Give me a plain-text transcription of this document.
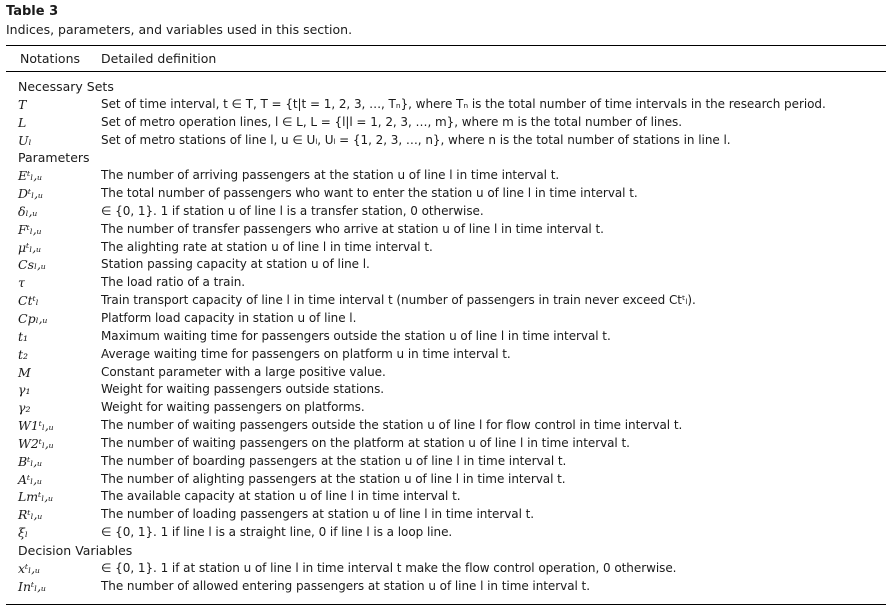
Table 3
Indices, parameters, and variables used in this section.
Notations Detailed definition
Necessary Sets
T	Set of time interval, t ∈ T, T = {t|t = 1, 2, 3, …, Tₙ}, where Tₙ is the total number of time intervals in the research period.
L	Set of metro operation lines, l ∈ L, L = {l|l = 1, 2, 3, …, m}, where m is the total number of lines.
Uₗ	Set of metro stations of line l, u ∈ Uₗ, Uₗ = {1, 2, 3, …, n}, where n is the total number of stations in line l.
Parameters
Eᵗₗ,ᵤ	The number of arriving passengers at the station u of line l in time interval t.
Dᵗₗ,ᵤ	The total number of passengers who want to enter the station u of line l in time interval t.
δₗ,ᵤ	∈ {0, 1}. 1 if station u of line l is a transfer station, 0 otherwise.
Fᵗₗ,ᵤ	The number of transfer passengers who arrive at station u of line l in time interval t.
μᵗₗ,ᵤ	The alighting rate at station u of line l in time interval t.
Csₗ,ᵤ	Station passing capacity at station u of line l.
τ	The load ratio of a train.
Ctᵗₗ	Train transport capacity of line l in time interval t (number of passengers in train never exceed Ctᵗₗ).
Cpₗ,ᵤ	Platform load capacity in station u of line l.
t₁	Maximum waiting time for passengers outside the station u of line l in time interval t.
t₂	Average waiting time for passengers on platform u in time interval t.
M	Constant parameter with a large positive value.
γ₁	Weight for waiting passengers outside stations.
γ₂	Weight for waiting passengers on platforms.
W1ᵗₗ,ᵤ	The number of waiting passengers outside the station u of line l for flow control in time interval t.
W2ᵗₗ,ᵤ	The number of waiting passengers on the platform at station u of line l in time interval t.
Bᵗₗ,ᵤ	The number of boarding passengers at the station u of line l in time interval t.
Aᵗₗ,ᵤ	The number of alighting passengers at the station u of line l in time interval t.
Lmᵗₗ,ᵤ	The available capacity at station u of line l in time interval t.
Rᵗₗ,ᵤ	The number of loading passengers at station u of line l in time interval t.
ξₗ	∈ {0, 1}. 1 if line l is a straight line, 0 if line l is a loop line.
Decision Variables
xᵗₗ,ᵤ	∈ {0, 1}. 1 if at station u of line l in time interval t make the flow control operation, 0 otherwise.
Inᵗₗ,ᵤ	The number of allowed entering passengers at station u of line l in time interval t.
